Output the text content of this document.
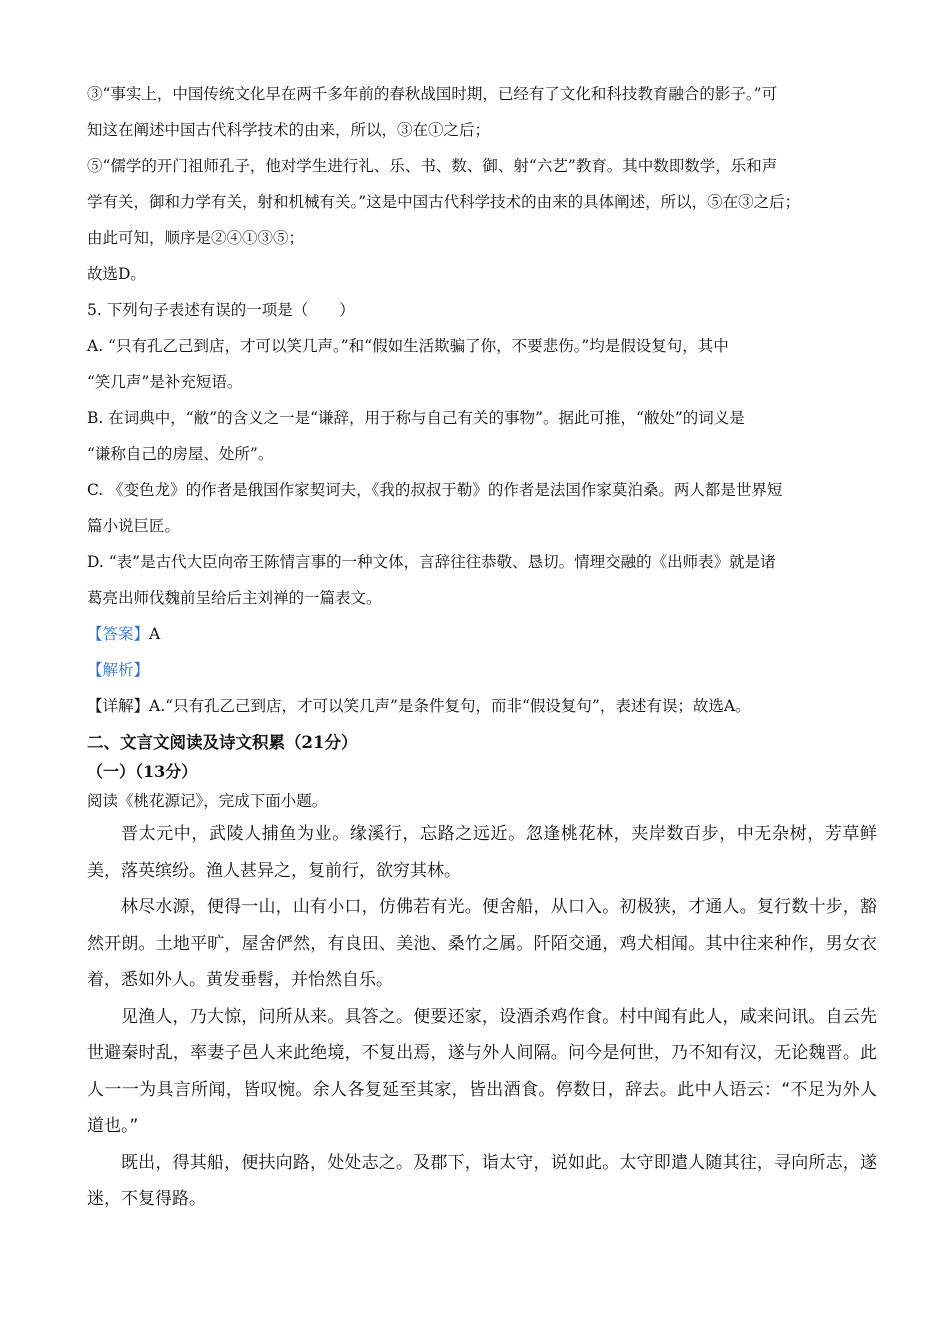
③“事实上，中国传统文化早在两千多年前的春秋战国时期，已经有了文化和科技教育融合的影子。”可
知这在阐述中国古代科学技术的由来，所以，③在①之后；
⑤“儒学的开门祖师孔子，他对学生进行礼、乐、书、数、御、射“六艺”教育。其中数即数学，乐和声
学有关，御和力学有关，射和机械有关。”这是中国古代科学技术的由来的具体阐述，所以，⑤在③之后；
由此可知，顺序是②④①③⑤；
故选D。
5. 下列句子表述有误的一项是（　　）
A. “只有孔乙己到店，才可以笑几声。”和“假如生活欺骗了你，不要悲伤。”均是假设复句，其中
“笑几声”是补充短语。
B. 在词典中，“敝”的含义之一是“谦辞，用于称与自己有关的事物”。据此可推，“敝处”的词义是
“谦称自己的房屋、处所”。
C. 《变色龙》的作者是俄国作家契诃夫，《我的叔叔于勒》的作者是法国作家莫泊桑。两人都是世界短
篇小说巨匠。
D. “表”是古代大臣向帝王陈情言事的一种文体，言辞往往恭敬、恳切。情理交融的《出师表》就是诸
葛亮出师伐魏前呈给后主刘禅的一篇表文。
【答案】A
【解析】
【详解】A.“只有孔乙己到店，才可以笑几声”是条件复句，而非“假设复句”，表述有误；故选A。
二、文言文阅读及诗文积累（21分）
（一）（13分）
阅读《桃花源记》，完成下面小题。

晋太元中，武陵人捕鱼为业。缘溪行，忘路之远近。忽逢桃花林，夹岸数百步，中无杂树，芳草鲜美，落英缤纷。渔人甚异之，复前行，欲穷其林。

林尽水源，便得一山，山有小口，仿佛若有光。便舍船，从口入。初极狭，才通人。复行数十步，豁然开朗。土地平旷，屋舍俨然，有良田、美池、桑竹之属。阡陌交通，鸡犬相闻。其中往来种作，男女衣着，悉如外人。黄发垂髫，并怡然自乐。

见渔人，乃大惊，问所从来。具答之。便要还家，设酒杀鸡作食。村中闻有此人，咸来问讯。自云先世避秦时乱，率妻子邑人来此绝境，不复出焉，遂与外人间隔。问今是何世，乃不知有汉，无论魏晋。此人一一为具言所闻，皆叹惋。余人各复延至其家，皆出酒食。停数日，辞去。此中人语云：“不足为外人道也。”

既出，得其船，便扶向路，处处志之。及郡下，诣太守，说如此。太守即遣人随其往，寻向所志，遂迷，不复得路。
